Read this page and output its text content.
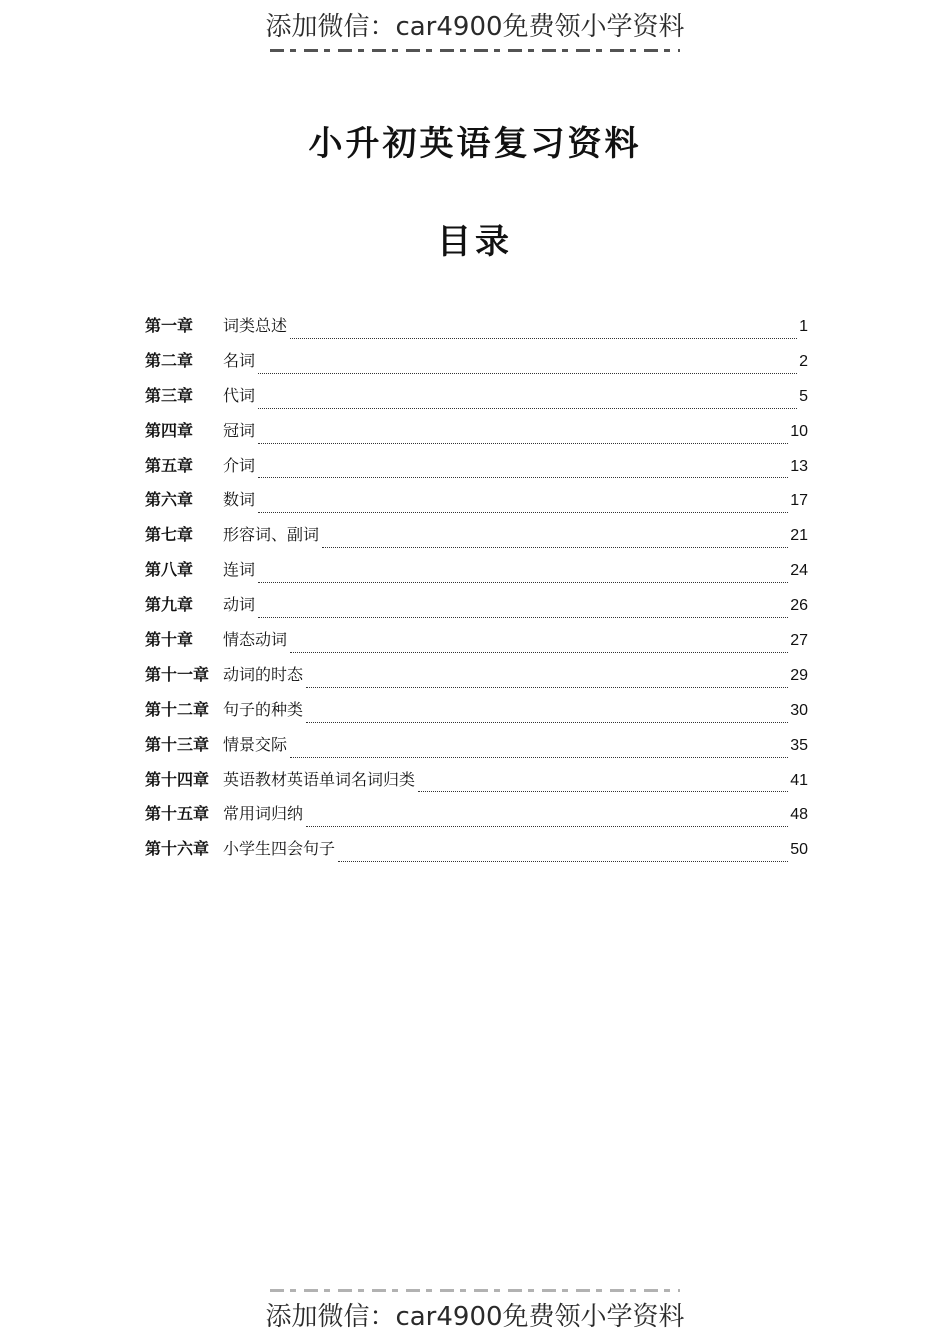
添加微信：car4900免费领小学资料
小升初英语复习资料
目录
第一章	词类总述	1
第二章	名词	2
第三章	代词	5
第四章	冠词	10
第五章	介词	13
第六章	数词	17
第七章	形容词、副词	21
第八章	连词	24
第九章	动词	26
第十章	情态动词	27
第十一章 动词的时态	29
第十二章 句子的种类	30
第十三章 情景交际	35
第十四章 英语教材英语单词名词归类	41
第十五章 常用词归纳	48
第十六章 小学生四会句子	50
添加微信：car4900免费领小学资料
